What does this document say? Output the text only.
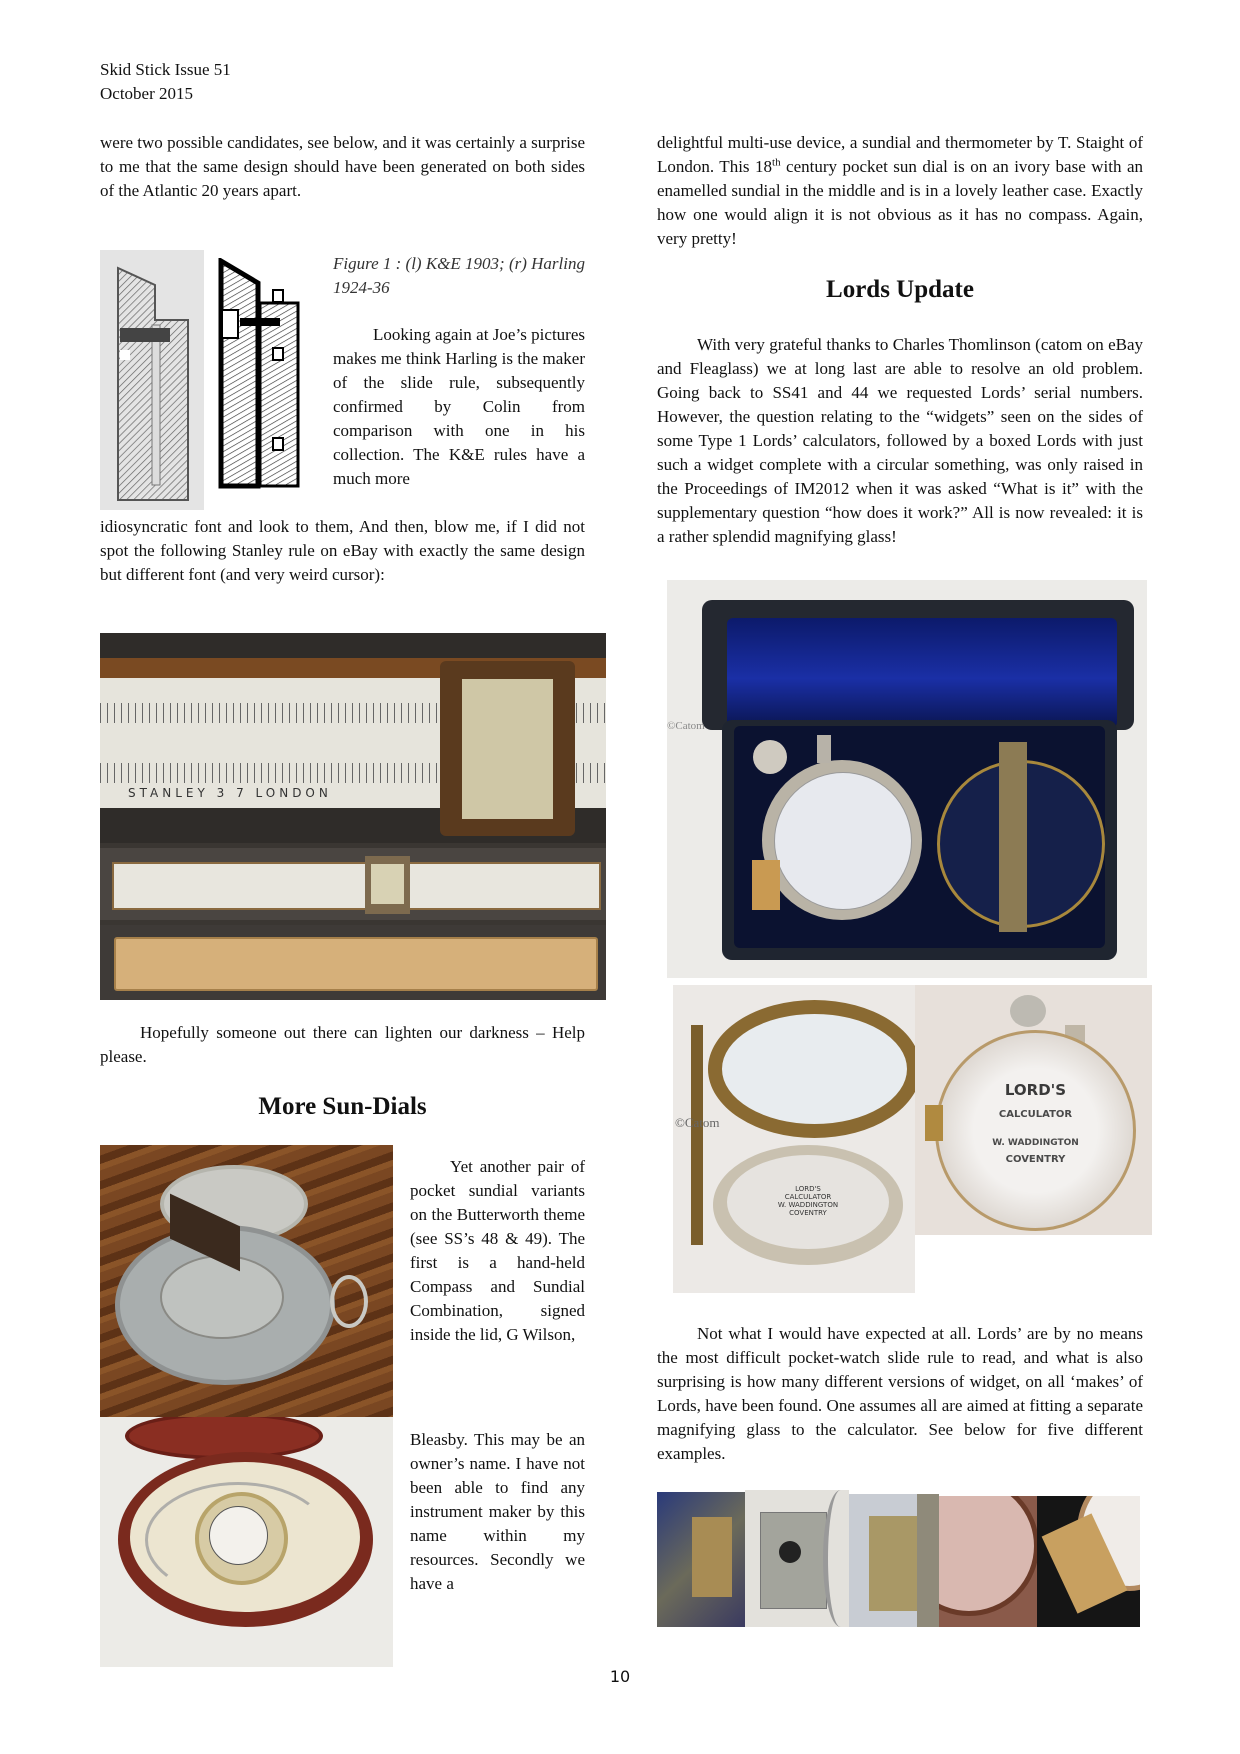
Skid Stick Issue 51
October 2015

were two possible candidates, see below, and it was certainly a surprise to me that the same design should have been generated on both sides of the Atlantic 20 years apart.

Figure 1 : (l) K&E 1903; (r) Harling 1924-36

Looking again at Joe’s pictures makes me think Harling is the maker of the slide rule, subsequently confirmed by Colin from comparison with one in his collection. The K&E rules have a much more

idiosyncratic font and look to them, And then, blow me, if I did not spot the following Stanley rule on eBay with exactly the same design but different font (and very weird cursor):

STANLEY 3 7 LONDON

Hopefully someone out there can lighten our darkness – Help please.

More Sun-Dials

Yet another pair of pocket sundial variants on the Butterworth theme (see SS’s 48 & 49). The first is a hand-held Compass and Sundial Combination, signed inside the lid, G Wilson,

Bleasby. This may be an owner’s name. I have not been able to find any instrument maker by this name within my resources. Secondly we have a

delightful multi-use device, a sundial and thermometer by T. Staight of London. This 18th century pocket sun dial is on an ivory base with an enamelled sundial in the middle and is in a lovely leather case. Exactly how one would align it is not obvious as it has no compass. Again, very pretty!

Lords Update

With very grateful thanks to Charles Thomlinson (catom on eBay and Fleaglass) we at long last are able to resolve an old problem. Going back to SS41 and 44 we requested Lords’ serial numbers. However, the question relating to the “widgets” seen on the sides of some Type 1 Lords’ calculators, followed by a boxed Lords with just such a widget complete with a circular something, was only raised in the Proceedings of IM2012 when it was asked “What is it” with the supplementary question “how does it work?” All is now revealed: it is a rather splendid magnifying glass!

©Catom
LORD'S
CALCULATOR
W. WADDINGTON
COVENTRY
©Catom
LORD'S
CALCULATOR
W. WADDINGTON
COVENTRY

Not what I would have expected at all. Lords’ are by no means the most difficult pocket-watch slide rule to read, and what is also surprising is how many different versions of widget, on all ‘makes’ of Lords, have been found. One assumes all are aimed at fitting a separate magnifying glass to the calculator. See below for five different examples.

10
